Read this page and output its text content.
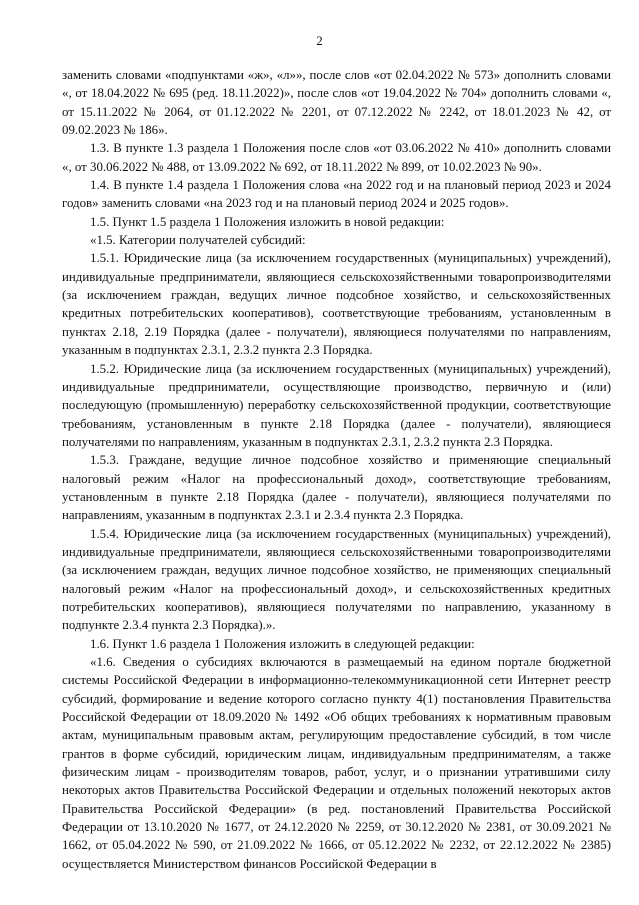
2

заменить словами «подпунктами «ж», «л»», после слов «от 02.04.2022 № 573» дополнить словами «, от 18.04.2022 № 695 (ред. 18.11.2022)», после слов «от 19.04.2022 № 704» дополнить словами «, от 15.11.2022 № 2064, от 01.12.2022 № 2201, от 07.12.2022 № 2242, от 18.01.2023 № 42, от 09.02.2023 № 186».

1.3. В пункте 1.3 раздела 1 Положения после слов «от 03.06.2022 № 410» дополнить словами «, от 30.06.2022 № 488, от 13.09.2022 № 692, от 18.11.2022 № 899, от 10.02.2023 № 90».

1.4. В пункте 1.4 раздела 1 Положения слова «на 2022 год и на плановый период 2023 и 2024 годов» заменить словами «на 2023 год и на плановый период 2024 и 2025 годов».

1.5. Пункт 1.5 раздела 1 Положения изложить в новой редакции:

«1.5. Категории получателей субсидий:

1.5.1. Юридические лица (за исключением государственных (муниципальных) учреждений), индивидуальные предприниматели, являющиеся сельскохозяйственными товаропроизводителями (за исключением граждан, ведущих личное подсобное хозяйство, и сельскохозяйственных кредитных потребительских кооперативов), соответствующие требованиям, установленным в пунктах 2.18, 2.19 Порядка (далее - получатели), являющиеся получателями по направлениям, указанным в подпунктах 2.3.1, 2.3.2 пункта 2.3 Порядка.

1.5.2. Юридические лица (за исключением государственных (муниципальных) учреждений), индивидуальные предприниматели, осуществляющие производство, первичную и (или) последующую (промышленную) переработку сельскохозяйственной продукции, соответствующие требованиям, установленным в пункте 2.18 Порядка (далее - получатели), являющиеся получателями по направлениям, указанным в подпунктах 2.3.1, 2.3.2 пункта 2.3 Порядка.

1.5.3. Граждане, ведущие личное подсобное хозяйство и применяющие специальный налоговый режим «Налог на профессиональный доход», соответствующие требованиям, установленным в пункте 2.18 Порядка (далее - получатели), являющиеся получателями по направлениям, указанным в подпунктах 2.3.1 и 2.3.4 пункта 2.3 Порядка.

1.5.4. Юридические лица (за исключением государственных (муниципальных) учреждений), индивидуальные предприниматели, являющиеся сельскохозяйственными товаропроизводителями (за исключением граждан, ведущих личное подсобное хозяйство, не применяющих специальный налоговый режим «Налог на профессиональный доход», и сельскохозяйственных кредитных потребительских кооперативов), являющиеся получателями по направлению, указанному в подпункте 2.3.4 пункта 2.3 Порядка).».

1.6. Пункт 1.6 раздела 1 Положения изложить в следующей редакции:

«1.6. Сведения о субсидиях включаются в размещаемый на едином портале бюджетной системы Российской Федерации в информационно-телекоммуникационной сети Интернет реестр субсидий, формирование и ведение которого согласно пункту 4(1) постановления Правительства Российской Федерации от 18.09.2020 № 1492 «Об общих требованиях к нормативным правовым актам, муниципальным правовым актам, регулирующим предоставление субсидий, в том числе грантов в форме субсидий, юридическим лицам, индивидуальным предпринимателям, а также физическим лицам - производителям товаров, работ, услуг, и о признании утратившими силу некоторых актов Правительства Российской Федерации и отдельных положений некоторых актов Правительства Российской Федерации» (в ред. постановлений Правительства Российской Федерации от 13.10.2020 № 1677, от 24.12.2020 № 2259, от 30.12.2020 № 2381, от 30.09.2021 № 1662, от 05.04.2022 № 590, от 21.09.2022 № 1666, от 05.12.2022 № 2232, от 22.12.2022 № 2385) осуществляется Министерством финансов Российской Федерации в
